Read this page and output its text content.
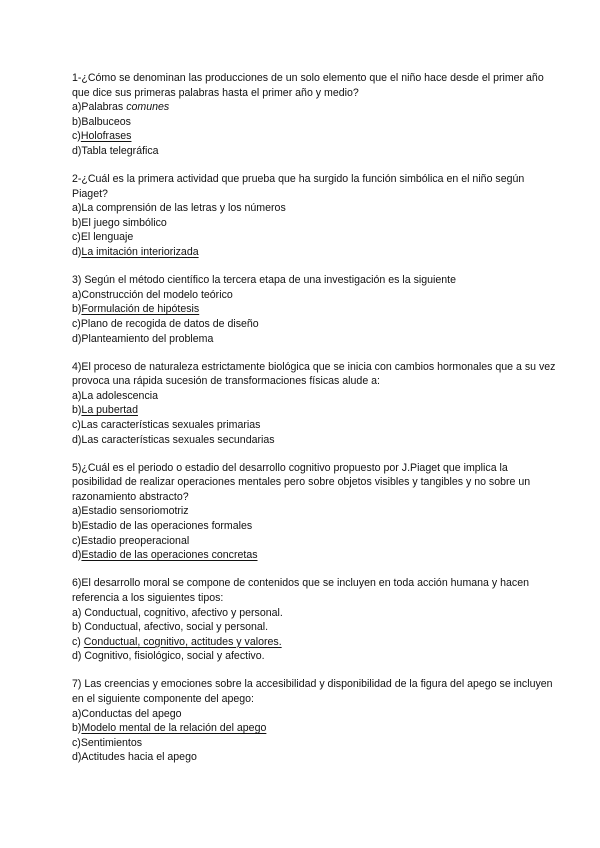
1-¿Cómo se denominan las producciones de un solo elemento que el niño hace desde el primer año que dice sus primeras palabras hasta el primer año y medio?
a)Palabras comunes
b)Balbuceos
c)Holofrases
d)Tabla telegráfica
2-¿Cuál es la primera actividad que prueba que ha surgido la función simbólica en el niño según Piaget?
a)La comprensión de las letras y los números
b)El juego simbólico
c)El lenguaje
d)La imitación interiorizada
3) Según el método científico la tercera etapa de una investigación es la siguiente
a)Construcción del modelo teórico
b)Formulación de hipótesis
c)Plano de recogida de datos de diseño
d)Planteamiento del problema
4)El proceso de naturaleza estrictamente biológica que se inicia con cambios hormonales que a su vez provoca una rápida sucesión de transformaciones físicas alude a:
a)La adolescencia
b)La pubertad
c)Las características sexuales primarias
d)Las características sexuales secundarias
5)¿Cuál es el periodo o estadio del desarrollo cognitivo propuesto por J.Piaget que implica la posibilidad de realizar operaciones mentales pero sobre objetos visibles y tangibles y no sobre un razonamiento abstracto?
a)Estadio sensoriomotriz
b)Estadio de las operaciones formales
c)Estadio preoperacional
d)Estadio de las operaciones concretas
6)El desarrollo moral se compone de contenidos que se incluyen en toda acción humana y hacen referencia a los siguientes tipos:
a) Conductual, cognitivo, afectivo y personal.
b) Conductual, afectivo, social y personal.
c) Conductual, cognitivo, actitudes y valores.
d) Cognitivo, fisiológico, social y afectivo.
7) Las creencias y emociones sobre la accesibilidad y disponibilidad de la figura del apego se incluyen en el siguiente componente del apego:
a)Conductas del apego
b)Modelo mental de la relación del apego
c)Sentimientos
d)Actitudes hacia el apego
